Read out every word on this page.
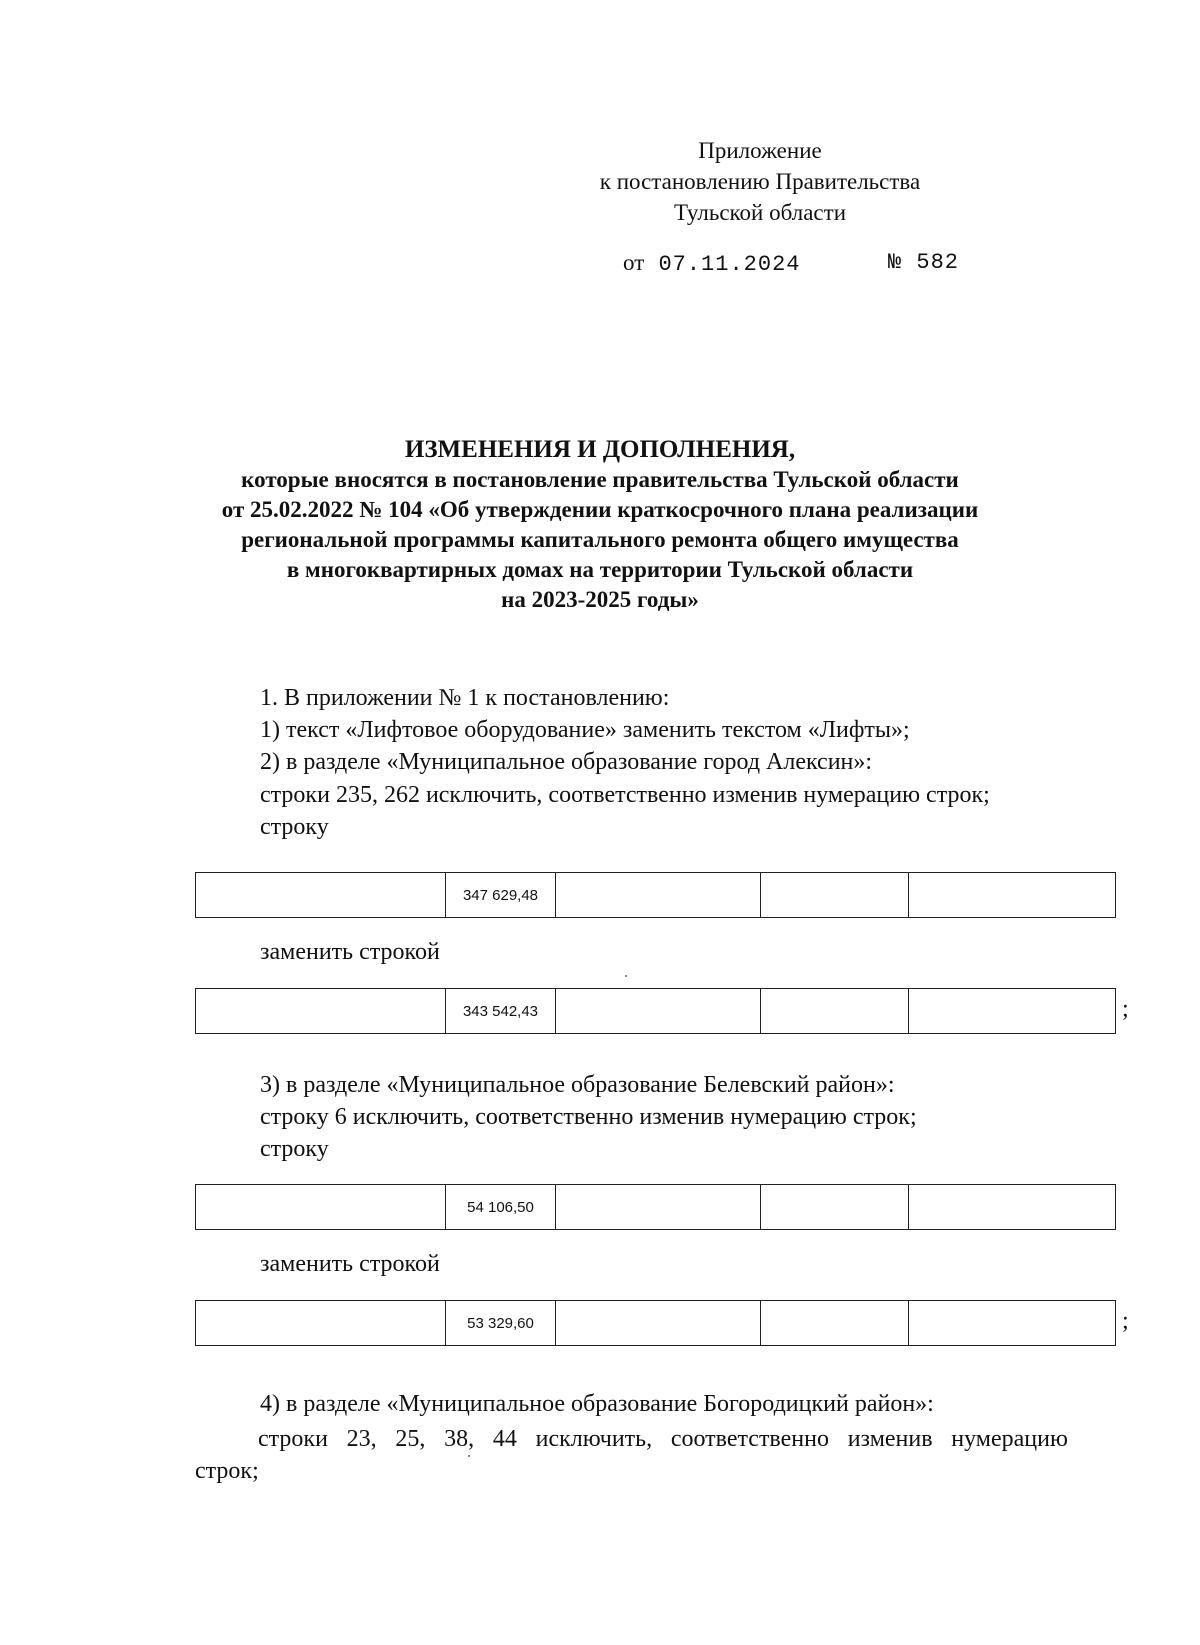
Приложение
к постановлению Правительства
Тульской области
от 07.11.2024	№ 582
ИЗМЕНЕНИЯ И ДОПОЛНЕНИЯ,
которые вносятся в постановление правительства Тульской области
от 25.02.2022 № 104 «Об утверждении краткосрочного плана реализации
региональной программы капитального ремонта общего имущества
в многоквартирных домах на территории Тульской области
на 2023-2025 годы»
1. В приложении № 1 к постановлению:
1) текст «Лифтовое оборудование» заменить текстом «Лифты»;
2) в разделе «Муниципальное образование город Алексин»:
строки 235, 262 исключить, соответственно изменив нумерацию строк;
строку
	347 629,48			
заменить строкой
	343 542,43				;
3) в разделе «Муниципальное образование Белевский район»:
строку 6 исключить, соответственно изменив нумерацию строк;
строку
	54 106,50			
заменить строкой
	53 329,60				;
4) в разделе «Муниципальное образование Богородицкий район»:
строки 23, 25, 38, 44 исключить, соответственно изменив нумерацию
строк;
